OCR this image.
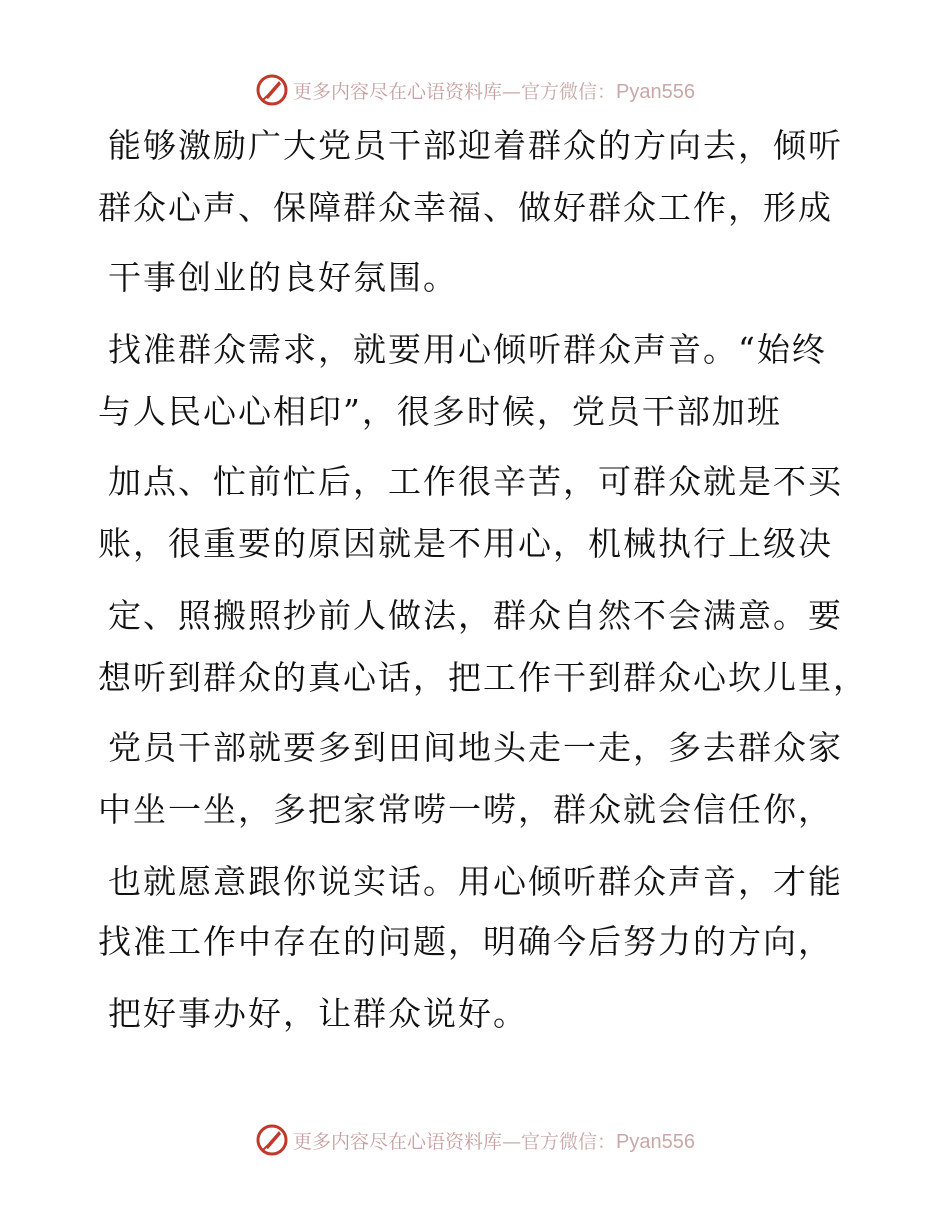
更多内容尽在心语资料库—官方微信：Pyan556
能够激励广大党员干部迎着群众的方向去，倾听
群众心声、保障群众幸福、做好群众工作，形成
干事创业的良好氛围。
找准群众需求，就要用心倾听群众声音。“始终
与人民心心相印”，很多时候，党员干部加班
加点、忙前忙后，工作很辛苦，可群众就是不买
账，很重要的原因就是不用心，机械执行上级决
定、照搬照抄前人做法，群众自然不会满意。要
想听到群众的真心话，把工作干到群众心坎儿里，
党员干部就要多到田间地头走一走，多去群众家
中坐一坐，多把家常唠一唠，群众就会信任你，
也就愿意跟你说实话。用心倾听群众声音，才能
找准工作中存在的问题，明确今后努力的方向，
把好事办好，让群众说好。
更多内容尽在心语资料库—官方微信：Pyan556
